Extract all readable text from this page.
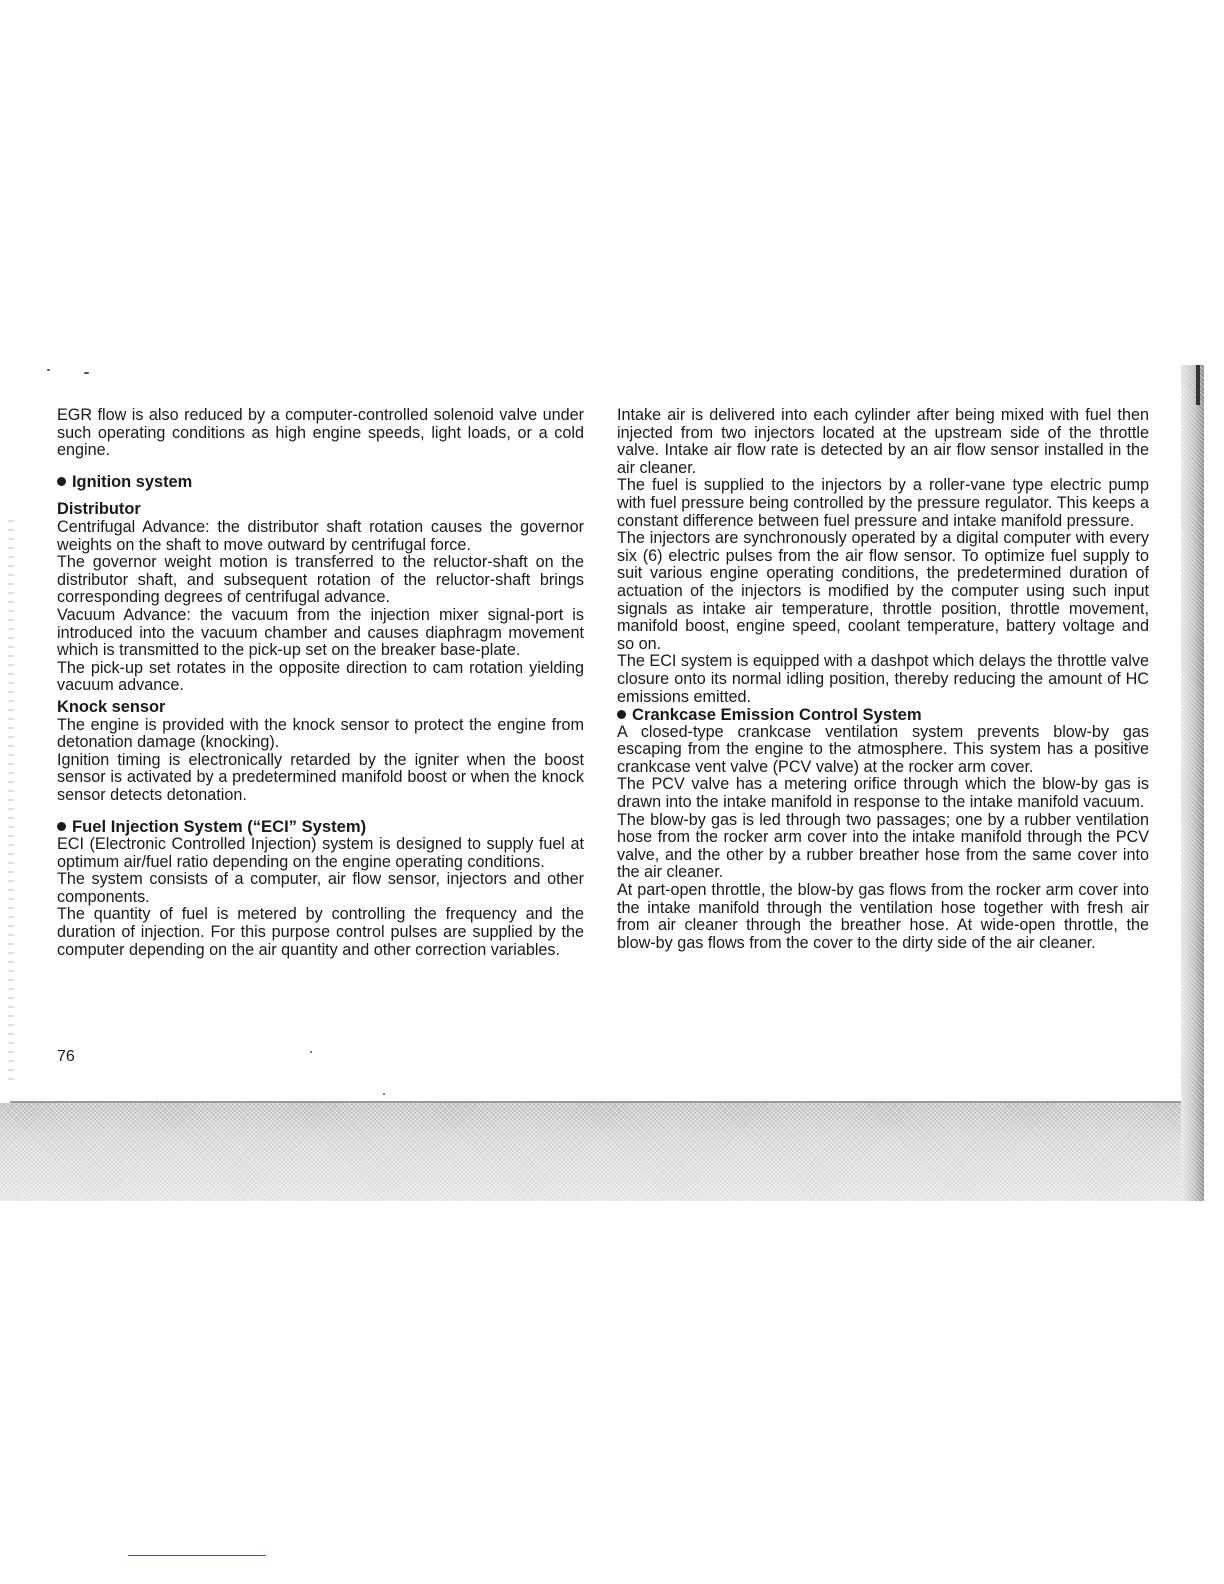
EGR flow is also reduced by a computer-controlled solenoid valve under such operating conditions as high engine speeds, light loads, or a cold engine.

Ignition system

Distributor

Centrifugal Advance: the distributor shaft rotation causes the governor weights on the shaft to move outward by centrifugal force.

The governor weight motion is transferred to the reluctor-shaft on the distributor shaft, and subsequent rotation of the reluctor-shaft brings corresponding degrees of centrifugal advance.

Vacuum Advance: the vacuum from the injection mixer signal-port is introduced into the vacuum chamber and causes diaphragm movement which is transmitted to the pick-up set on the breaker base-plate.

The pick-up set rotates in the opposite direction to cam rotation yielding vacuum advance.

Knock sensor

The engine is provided with the knock sensor to protect the engine from detonation damage (knocking).

Ignition timing is electronically retarded by the igniter when the boost sensor is activated by a predetermined manifold boost or when the knock sensor detects detonation.

Fuel Injection System (“ECI” System)

ECI (Electronic Controlled Injection) system is designed to supply fuel at optimum air/fuel ratio depending on the engine operating conditions.

The system consists of a computer, air flow sensor, injectors and other components.

The quantity of fuel is metered by controlling the frequency and the duration of injection. For this purpose control pulses are supplied by the computer depending on the air quantity and other correction variables.

Intake air is delivered into each cylinder after being mixed with fuel then injected from two injectors located at the upstream side of the throttle valve. Intake air flow rate is detected by an air flow sensor installed in the air cleaner.

The fuel is supplied to the injectors by a roller-vane type electric pump with fuel pressure being controlled by the pressure regulator. This keeps a constant difference between fuel pressure and intake manifold pressure.

The injectors are synchronously operated by a digital computer with every six (6) electric pulses from the air flow sensor. To optimize fuel supply to suit various engine operating conditions, the predetermined duration of actuation of the injectors is modified by the computer using such input signals as intake air temperature, throttle position, throttle movement, manifold boost, engine speed, coolant temperature, battery voltage and so on.

The ECI system is equipped with a dashpot which delays the throttle valve closure onto its normal idling position, thereby reducing the amount of HC emissions emitted.

Crankcase Emission Control System

A closed-type crankcase ventilation system prevents blow-by gas escaping from the engine to the atmosphere. This system has a positive crankcase vent valve (PCV valve) at the rocker arm cover.

The PCV valve has a metering orifice through which the blow-by gas is drawn into the intake manifold in response to the intake manifold vacuum.

The blow-by gas is led through two passages; one by a rubber ventilation hose from the rocker arm cover into the intake manifold through the PCV valve, and the other by a rubber breather hose from the same cover into the air cleaner.

At part-open throttle, the blow-by gas flows from the rocker arm cover into the intake manifold through the ventilation hose together with fresh air from air cleaner through the breather hose. At wide-open throttle, the blow-by gas flows from the cover to the dirty side of the air cleaner.

76
